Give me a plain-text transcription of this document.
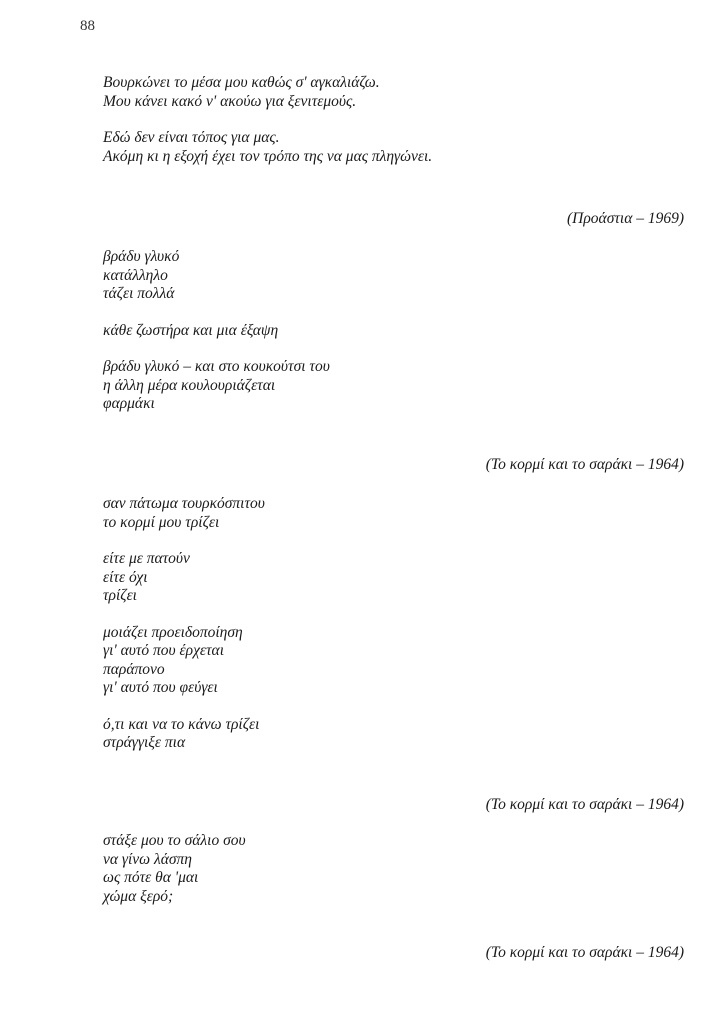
88
Βουρκώνει το μέσα μου καθώς σ' αγκαλιάζω.
Μου κάνει κακό ν' ακούω για ξενιτεμούς.
Εδώ δεν είναι τόπος για μας.
Ακόμη κι η εξοχή έχει τον τρόπο της να μας πληγώνει.
(Προάστια – 1969)
βράδυ γλυκό
κατάλληλο
τάζει πολλά
κάθε ζωστήρα και μια έξαψη
βράδυ γλυκό – και στο κουκούτσι του
η άλλη μέρα κουλουριάζεται
φαρμάκι
(Το κορμί και το σαράκι – 1964)
σαν πάτωμα τουρκόσπιτου
το κορμί μου τρίζει
είτε με πατούν
είτε όχι
τρίζει
μοιάζει προειδοποίηση
γι' αυτό που έρχεται
παράπονο
γι' αυτό που φεύγει
ό,τι και να το κάνω τρίζει
στράγγιξε πια
(Το κορμί και το σαράκι – 1964)
στάξε μου το σάλιο σου
να γίνω λάσπη
ως πότε θα 'μαι
χώμα ξερό;
(Το κορμί και το σαράκι – 1964)
